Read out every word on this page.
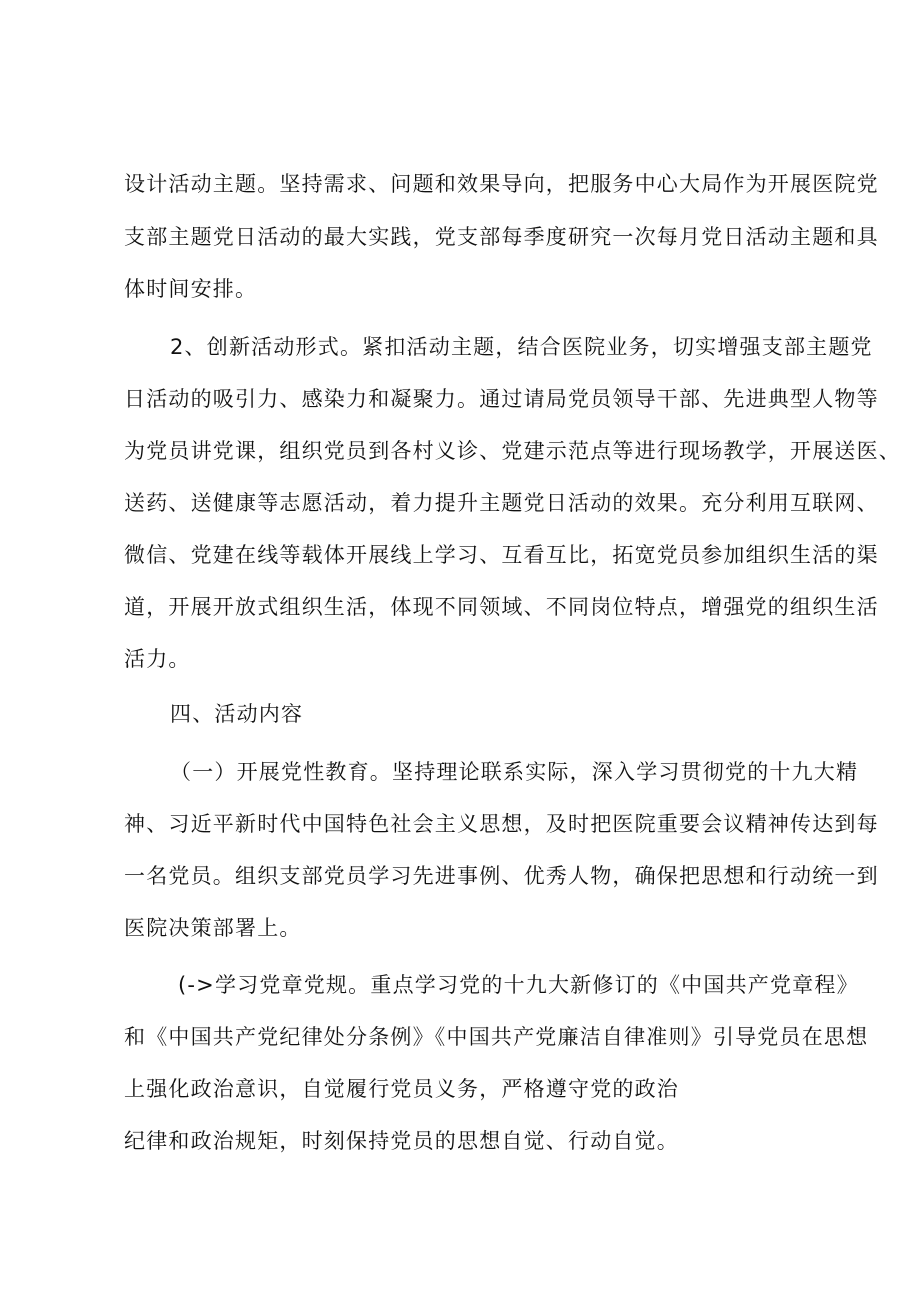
设计活动主题。坚持需求、问题和效果导向，把服务中心大局作为开展医院党

支部主题党日活动的最大实践，党支部每季度研究一次每月党日活动主题和具

体时间安排。

2、创新活动形式。紧扣活动主题，结合医院业务，切实增强支部主题党

日活动的吸引力、感染力和凝聚力。通过请局党员领导干部、先进典型人物等

为党员讲党课，组织党员到各村义诊、党建示范点等进行现场教学，开展送医、

送药、送健康等志愿活动，着力提升主题党日活动的效果。充分利用互联网、

微信、党建在线等载体开展线上学习、互看互比，拓宽党员参加组织生活的渠

道，开展开放式组织生活，体现不同领域、不同岗位特点，增强党的组织生活

活力。

四、活动内容

（一）开展党性教育。坚持理论联系实际，深入学习贯彻党的十九大精

神、习近平新时代中国特色社会主义思想，及时把医院重要会议精神传达到每

一名党员。组织支部党员学习先进事例、优秀人物，确保把思想和行动统一到

医院决策部署上。

(->学习党章党规。重点学习党的十九大新修订的《中国共产党章程》

和《中国共产党纪律处分条例》《中国共产党廉洁自律准则》引导党员在思想

上强化政治意识，自觉履行党员义务，严格遵守党的政治

纪律和政治规矩，时刻保持党员的思想自觉、行动自觉。
